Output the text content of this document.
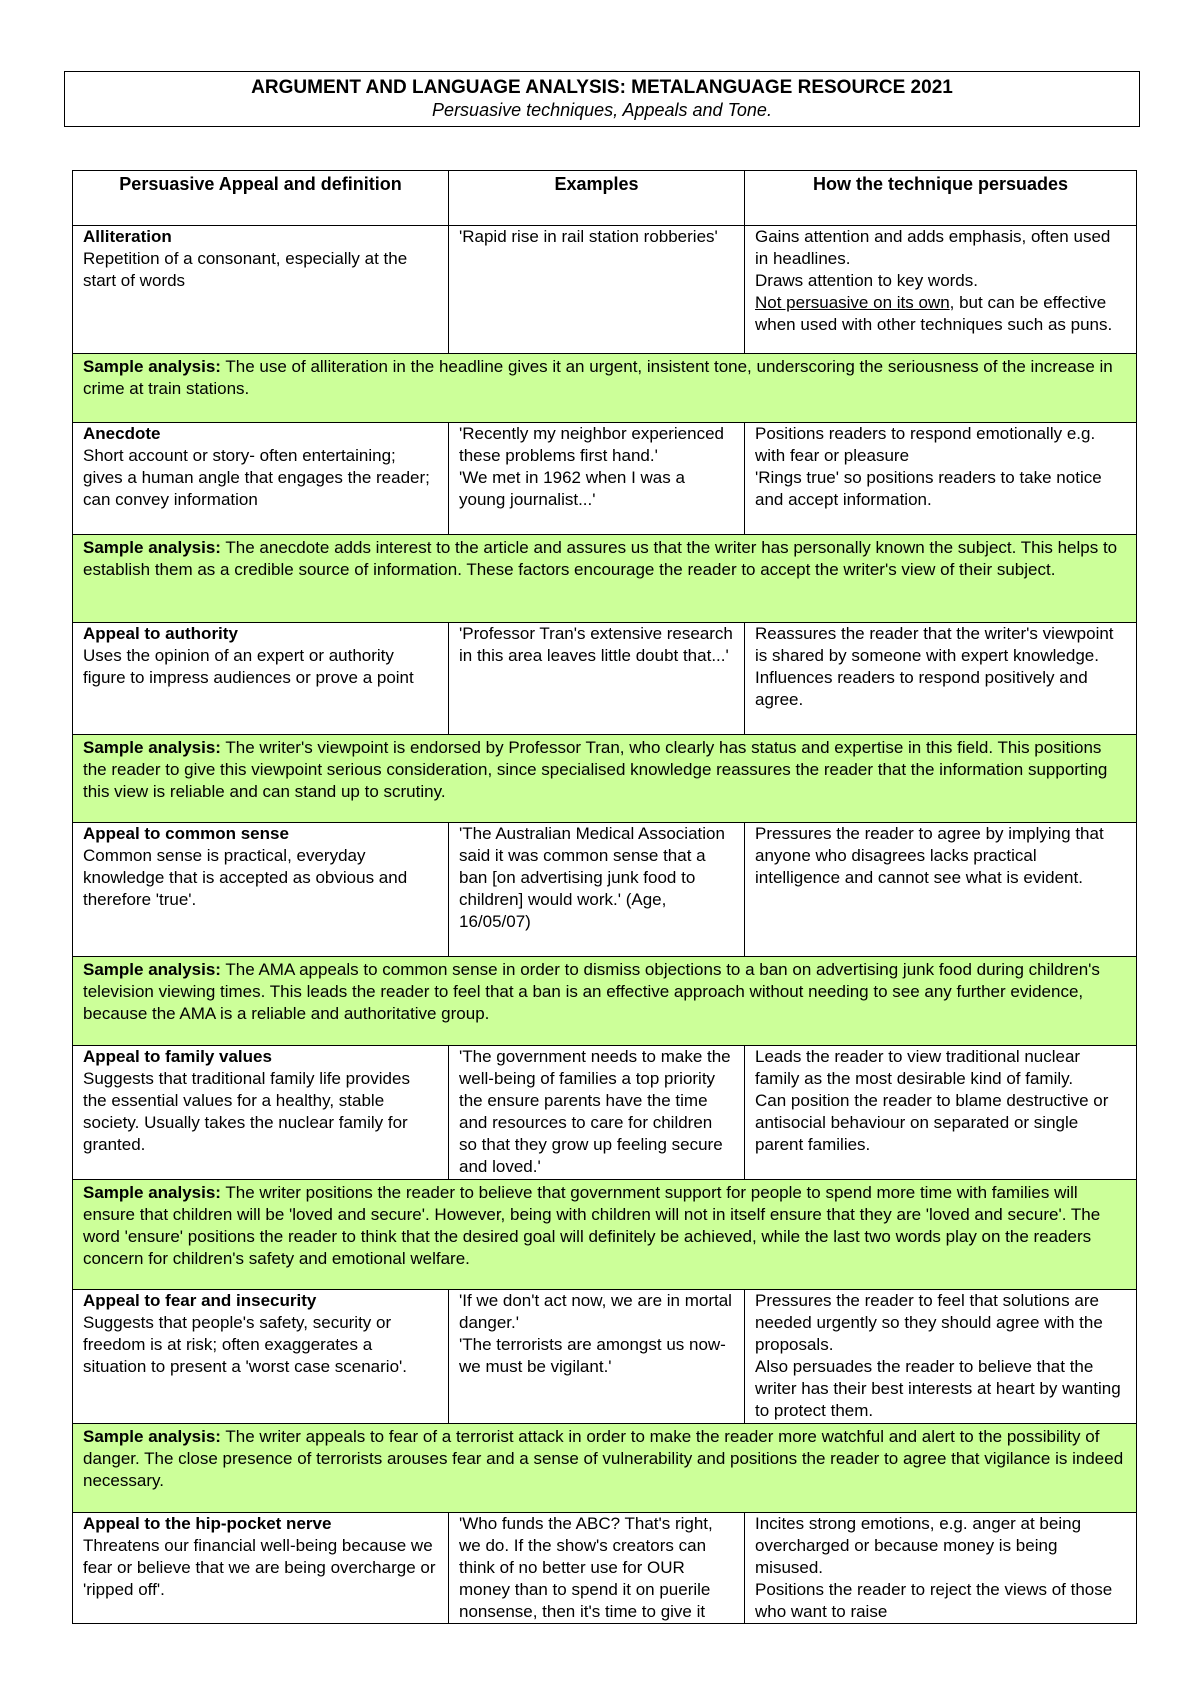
ARGUMENT AND LANGUAGE ANALYSIS: METALANGUAGE RESOURCE 2021
Persuasive techniques, Appeals and Tone.
Persuasive Appeal and definition	Examples	How the technique persuades

Alliteration
Repetition of a consonant, especially at the start of words	'Rapid rise in rail station robberies'	Gains attention and adds emphasis, often used in headlines.
Draws attention to key words.
Not persuasive on its own, but can be effective when used with other techniques such as puns.

Sample analysis: The use of alliteration in the headline gives it an urgent, insistent tone, underscoring the seriousness of the increase in crime at train stations.		

Anecdote
Short account or story- often entertaining; gives a human angle that engages the reader; can convey information	'Recently my neighbor experienced these problems first hand.'
'We met in 1962 when I was a young journalist...'	Positions readers to respond emotionally e.g. with fear or pleasure
'Rings true' so positions readers to take notice and accept information.

Sample analysis: The anecdote adds interest to the article and assures us that the writer has personally known the subject. This helps to establish them as a credible source of information. These factors encourage the reader to accept the writer's view of their subject.		

Appeal to authority
Uses the opinion of an expert or authority figure to impress audiences or prove a point	'Professor Tran's extensive research in this area leaves little doubt that...'	Reassures the reader that the writer's viewpoint is shared by someone with expert knowledge.
Influences readers to respond positively and agree.

Sample analysis: The writer's viewpoint is endorsed by Professor Tran, who clearly has status and expertise in this field. This positions the reader to give this viewpoint serious consideration, since specialised knowledge reassures the reader that the information supporting this view is reliable and can stand up to scrutiny.		

Appeal to common sense
Common sense is practical, everyday knowledge that is accepted as obvious and therefore 'true'.	'The Australian Medical Association said it was common sense that a ban [on advertising junk food to children] would work.' (Age, 16/05/07)	Pressures the reader to agree by implying that anyone who disagrees lacks practical intelligence and cannot see what is evident.

Sample analysis: The AMA appeals to common sense in order to dismiss objections to a ban on advertising junk food during children's television viewing times. This leads the reader to feel that a ban is an effective approach without needing to see any further evidence, because the AMA is a reliable and authoritative group.		

Appeal to family values
Suggests that traditional family life provides the essential values for a healthy, stable society. Usually takes the nuclear family for granted.	'The government needs to make the well-being of families a top priority the ensure parents have the time and resources to care for children so that they grow up feeling secure and loved.'	Leads the reader to view traditional nuclear family as the most desirable kind of family.
Can position the reader to blame destructive or antisocial behaviour on separated or single parent families.

Sample analysis: The writer positions the reader to believe that government support for people to spend more time with families will ensure that children will be 'loved and secure'. However, being with children will not in itself ensure that they are 'loved and secure'. The word 'ensure' positions the reader to think that the desired goal will definitely be achieved, while the last two words play on the readers concern for children's safety and emotional welfare.		

Appeal to fear and insecurity
Suggests that people's safety, security or freedom is at risk; often exaggerates a situation to present a 'worst case scenario'.	'If we don't act now, we are in mortal danger.'
'The terrorists are amongst us now- we must be vigilant.'	Pressures the reader to feel that solutions are needed urgently so they should agree with the proposals.
Also persuades the reader to believe that the writer has their best interests at heart by wanting to protect them.

Sample analysis: The writer appeals to fear of a terrorist attack in order to make the reader more watchful and alert to the possibility of danger. The close presence of terrorists arouses fear and a sense of vulnerability and positions the reader to agree that vigilance is indeed necessary.		

Appeal to the hip-pocket nerve
Threatens our financial well-being because we fear or believe that we are being overcharge or 'ripped off'.	'Who funds the ABC? That's right, we do. If the show's creators can think of no better use for OUR money than to spend it on puerile nonsense, then it's time to give it	Incites strong emotions, e.g. anger at being overcharged or because money is being misused.
Positions the reader to reject the views of those who want to raise
